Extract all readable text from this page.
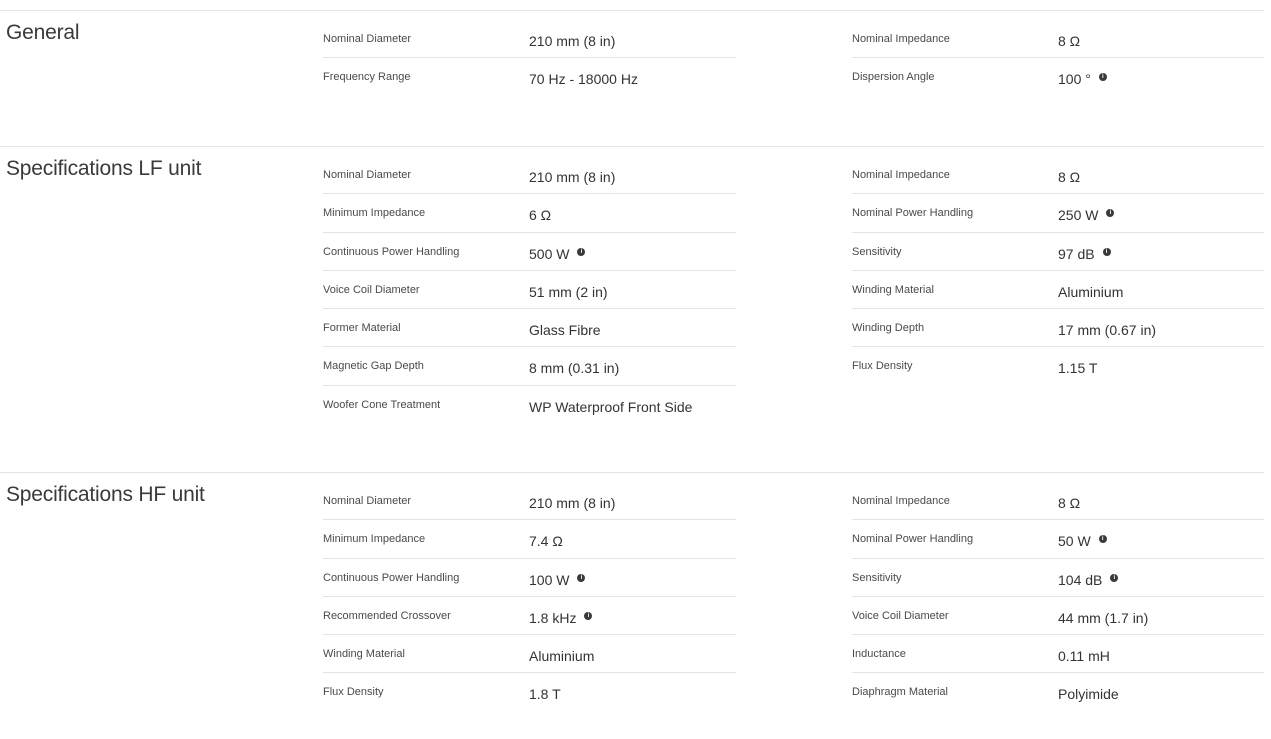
General	Nominal Diameter	210 mm (8 in)
Frequency Range	70 Hz - 18000 Hz
Nominal Impedance	8 Ω
Dispersion Angle	100 °	i
Specifications LF unit	Nominal Diameter	210 mm (8 in)
Minimum Impedance	6 Ω
Continuous Power Handling	500 W	i
Voice Coil Diameter	51 mm (2 in)
Former Material	Glass Fibre
Magnetic Gap Depth	8 mm (0.31 in)
Woofer Cone Treatment	WP Waterproof Front Side
Nominal Impedance	8 Ω
Nominal Power Handling	250 W	i
Sensitivity	97 dB	i
Winding Material	Aluminium
Winding Depth	17 mm (0.67 in)
Flux Density	1.15 T
Specifications HF unit	Nominal Diameter	210 mm (8 in)
Minimum Impedance	7.4 Ω
Continuous Power Handling	100 W	i
Recommended Crossover	1.8 kHz	i
Winding Material	Aluminium
Flux Density	1.8 T
Nominal Impedance	8 Ω
Nominal Power Handling	50 W	i
Sensitivity	104 dB	i
Voice Coil Diameter	44 mm (1.7 in)
Inductance	0.11 mH
Diaphragm Material	Polyimide
